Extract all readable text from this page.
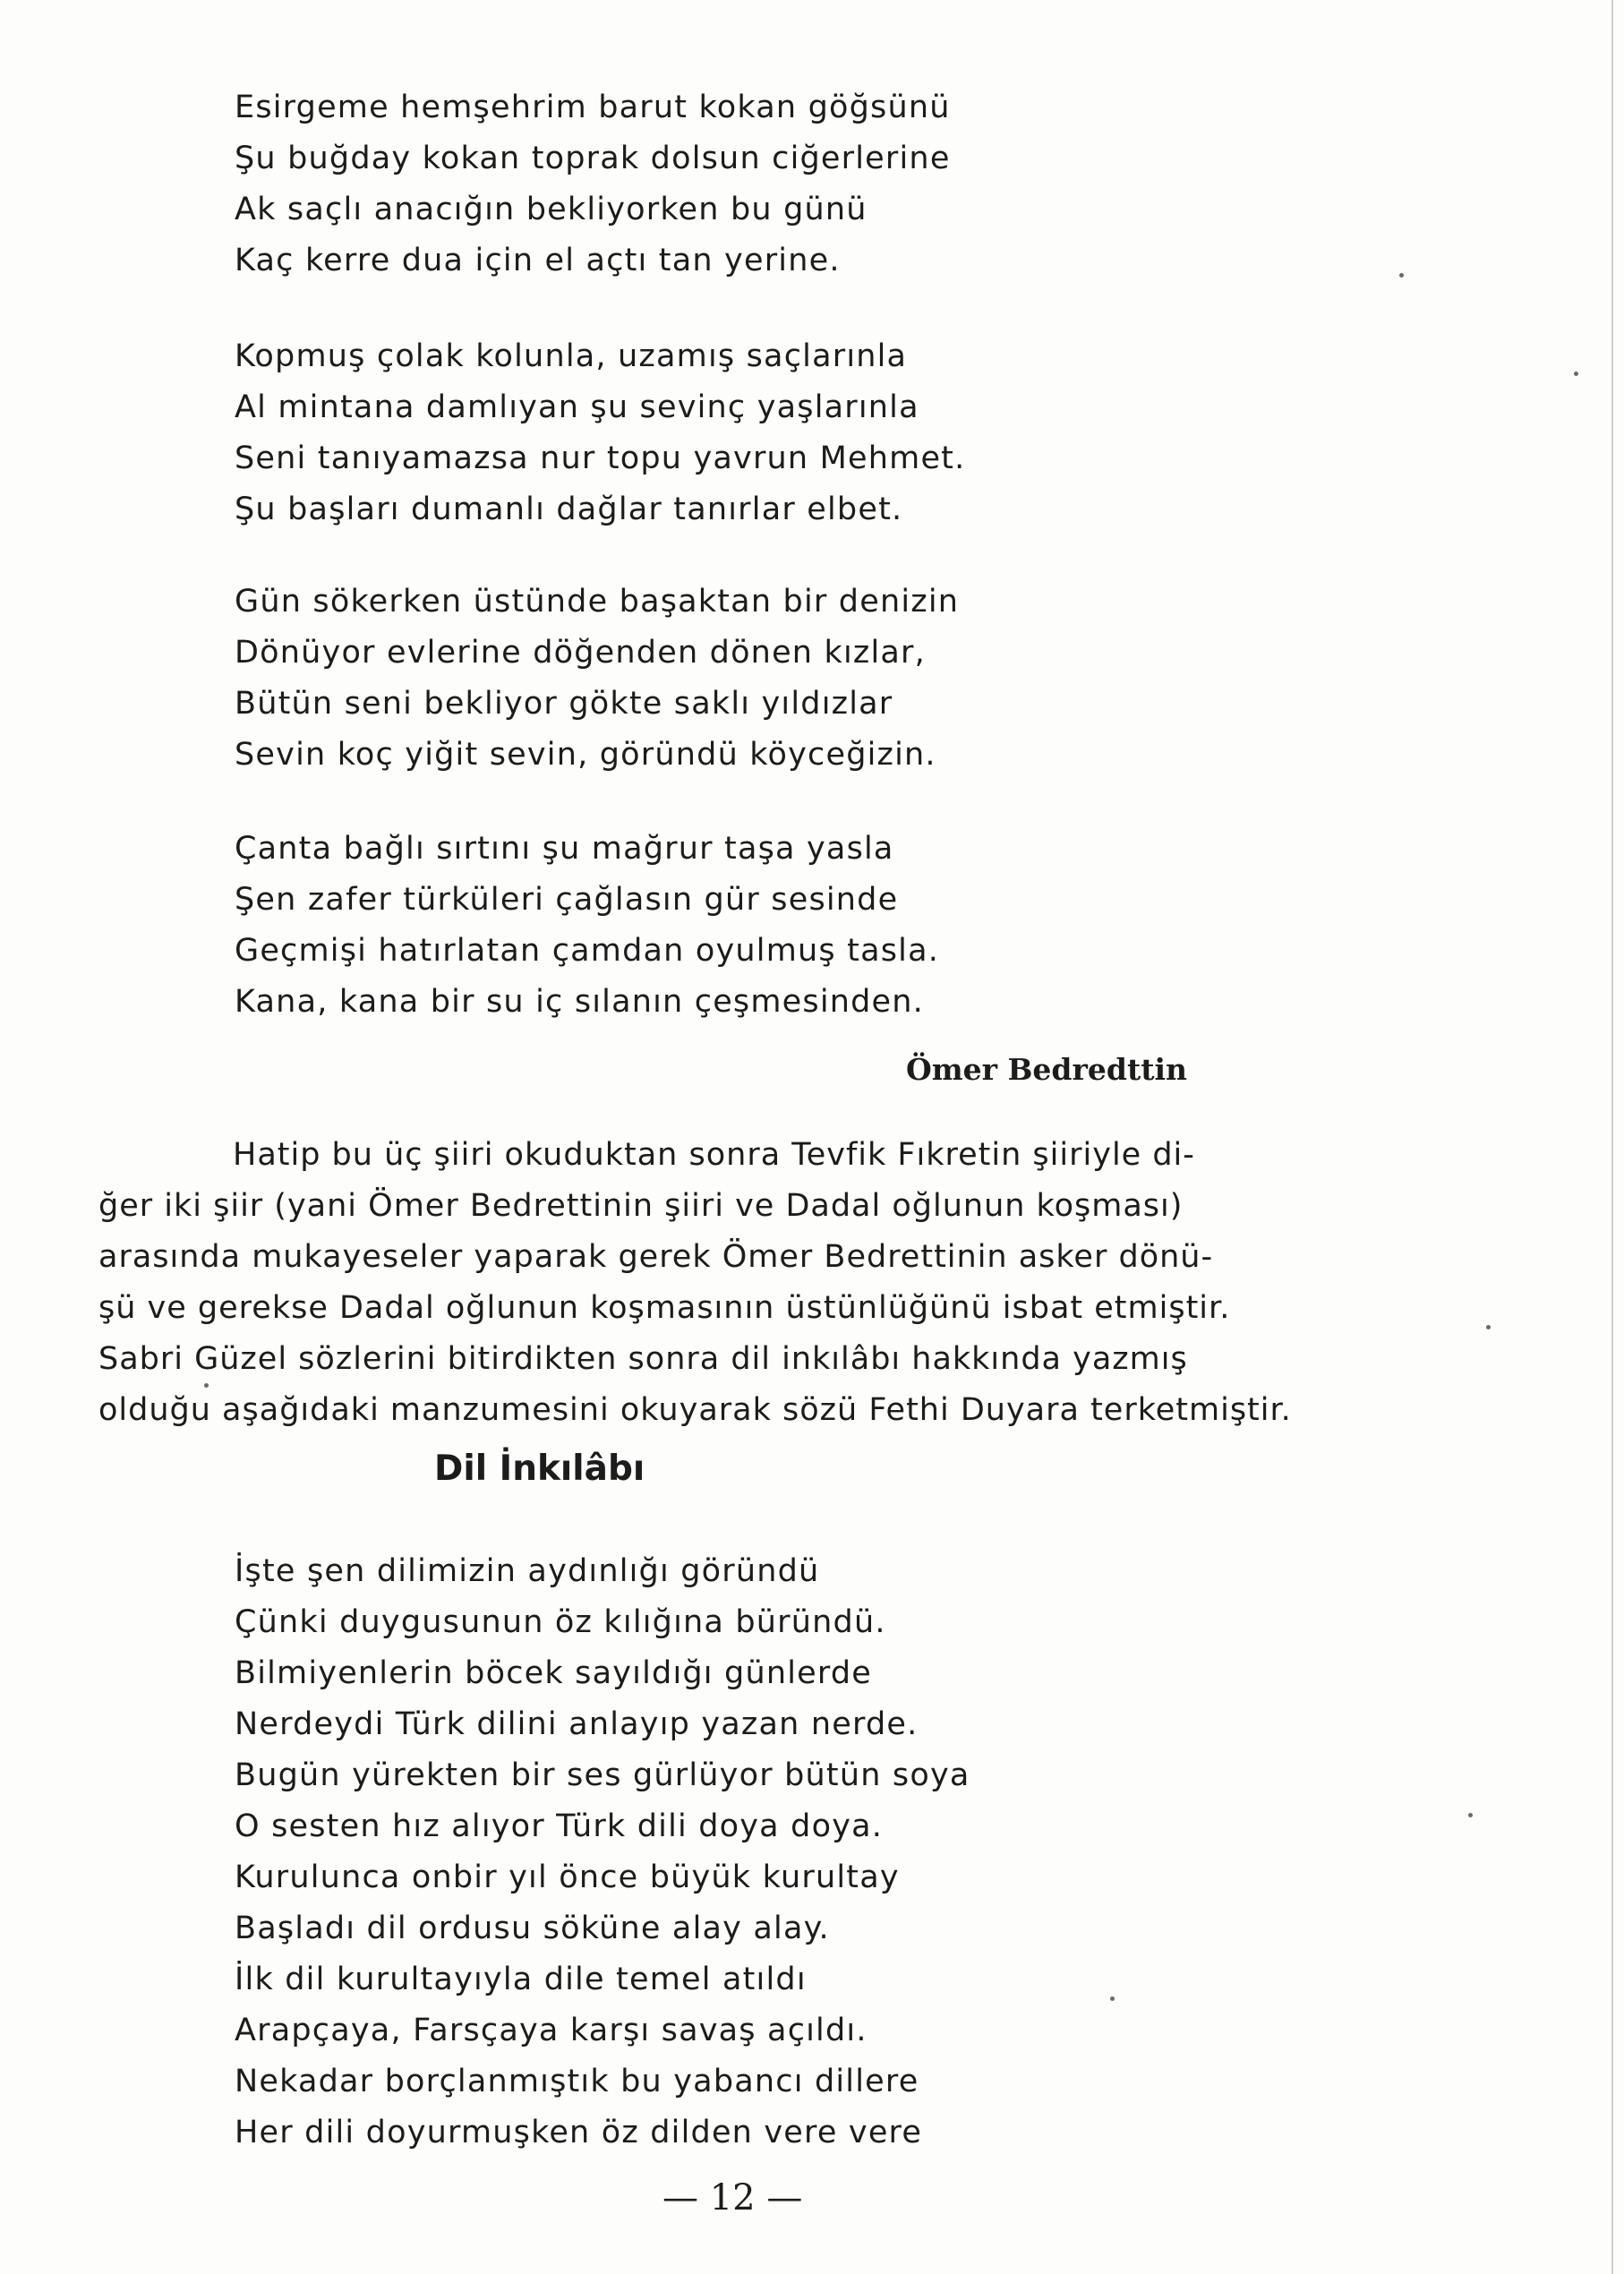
Esirgeme hemşehrim barut kokan göğsünü
Şu buğday kokan toprak dolsun ciğerlerine
Ak saçlı anacığın bekliyorken bu günü
Kaç kerre dua için el açtı tan yerine.
Kopmuş çolak kolunla, uzamış saçlarınla
Al mintana damlıyan şu sevinç yaşlarınla
Seni tanıyamazsa nur topu yavrun Mehmet.
Şu başları dumanlı dağlar tanırlar elbet.
Gün sökerken üstünde başaktan bir denizin
Dönüyor evlerine döğenden dönen kızlar,
Bütün seni bekliyor gökte saklı yıldızlar
Sevin koç yiğit sevin, göründü köyceğizin.
Çanta bağlı sırtını şu mağrur taşa yasla
Şen zafer türküleri çağlasın gür sesinde
Geçmişi hatırlatan çamdan oyulmuş tasla.
Kana, kana bir su iç sılanın çeşmesinden.
Ömer Bedredttin
Hatip bu üç şiiri okuduktan sonra Tevfik Fıkretin şiiriyle di-
ğer iki şiir (yani Ömer Bedrettinin şiiri ve Dadal oğlunun koşması)
arasında mukayeseler yaparak gerek Ömer Bedrettinin asker dönü-
şü ve gerekse Dadal oğlunun koşmasının üstünlüğünü isbat etmiştir.
Sabri Güzel sözlerini bitirdikten sonra dil inkılâbı hakkında yazmış
olduğu aşağıdaki manzumesini okuyarak sözü Fethi Duyara terketmiştir.
Dil İnkılâbı
İşte şen dilimizin aydınlığı göründü
Çünki duygusunun öz kılığına büründü.
Bilmiyenlerin böcek sayıldığı günlerde
Nerdeydi Türk dilini anlayıp yazan nerde.
Bugün yürekten bir ses gürlüyor bütün soya
O sesten hız alıyor Türk dili doya doya.
Kurulunca onbir yıl önce büyük kurultay
Başladı dil ordusu söküne alay alay.
İlk dil kurultayıyla dile temel atıldı
Arapçaya, Farsçaya karşı savaş açıldı.
Nekadar borçlanmıştık bu yabancı dillere
Her dili doyurmuşken öz dilden vere vere
— 12 —
